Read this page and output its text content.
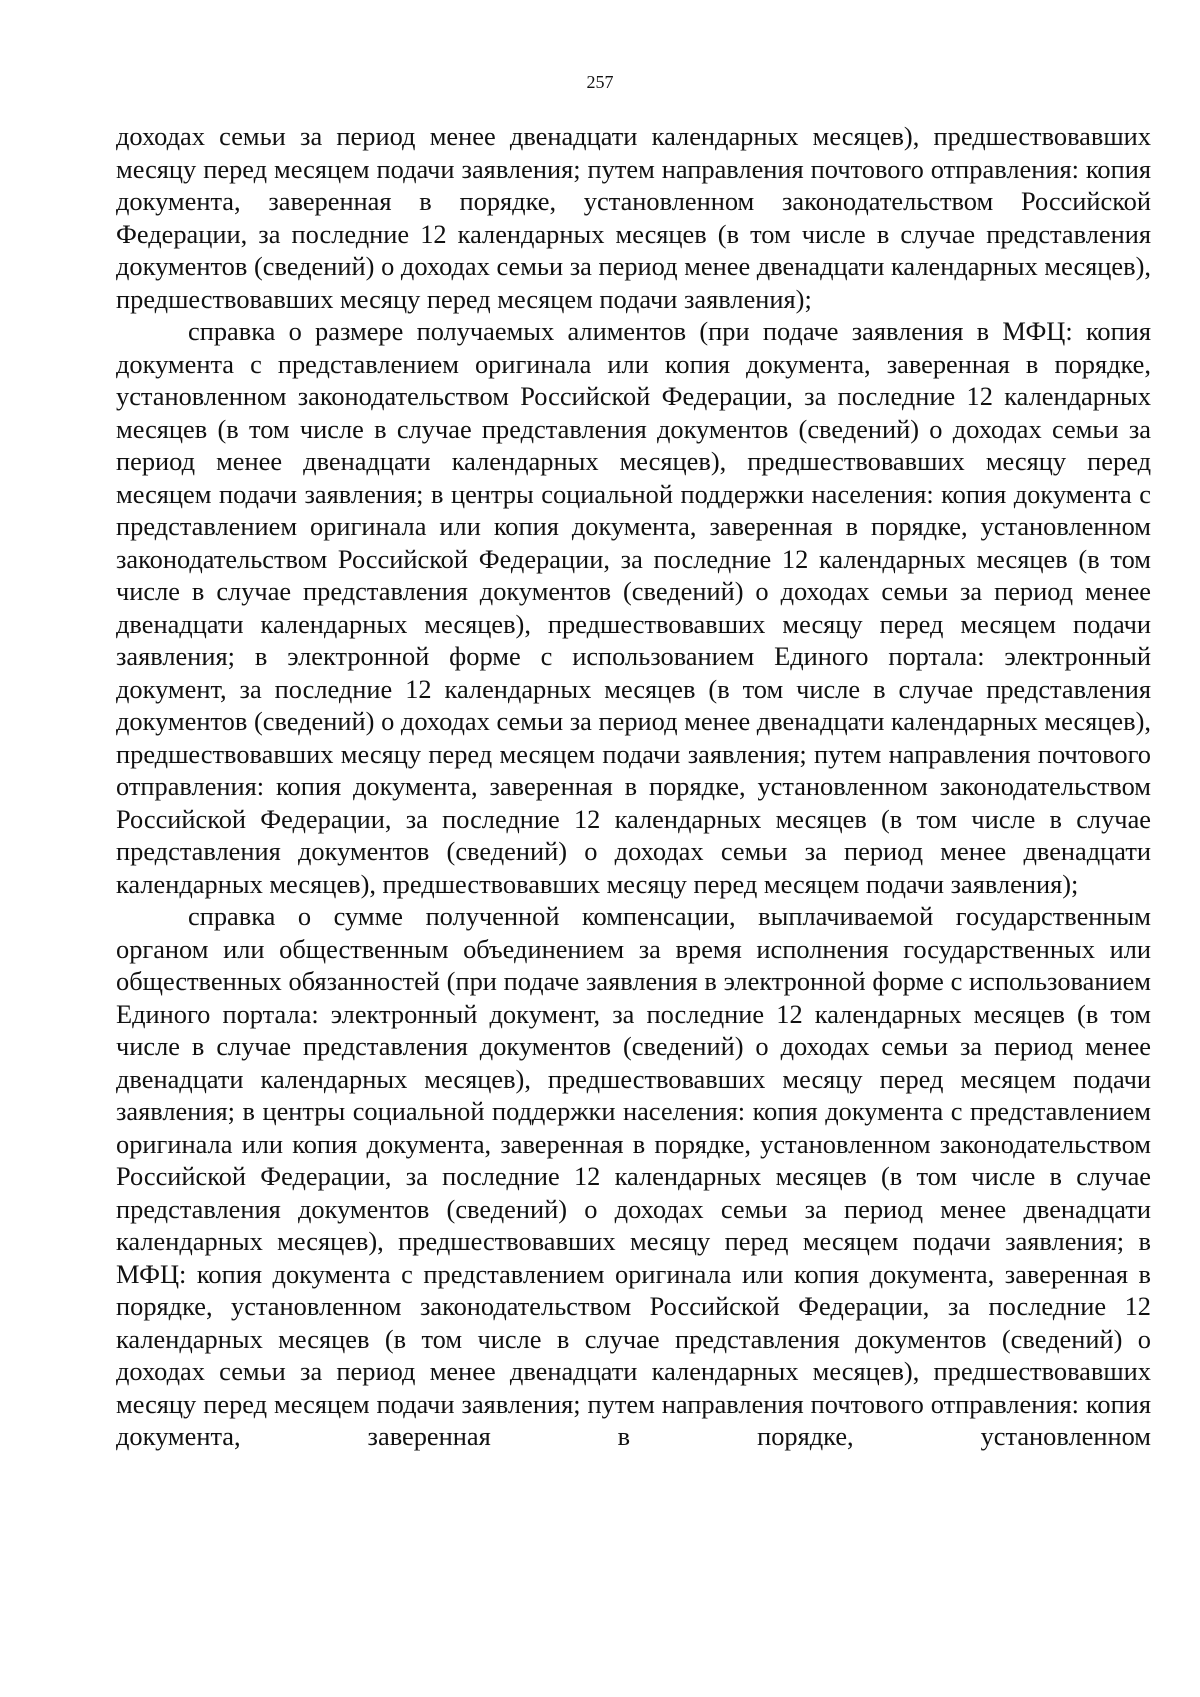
257

доходах семьи за период менее двенадцати календарных месяцев), предшествовавших месяцу перед месяцем подачи заявления; путем направления почтового отправления: копия документа, заверенная в порядке, установленном законодательством Российской Федерации, за последние 12 календарных месяцев (в том числе в случае представления документов (сведений) о доходах семьи за период менее двенадцати календарных месяцев), предшествовавших месяцу перед месяцем подачи заявления);

справка о размере получаемых алиментов (при подаче заявления в МФЦ: копия документа с представлением оригинала или копия документа, заверенная в порядке, установленном законодательством Российской Федерации, за последние 12 календарных месяцев (в том числе в случае представления документов (сведений) о доходах семьи за период менее двенадцати календарных месяцев), предшествовавших месяцу перед месяцем подачи заявления; в центры социальной поддержки населения: копия документа с представлением оригинала или копия документа, заверенная в порядке, установленном законодательством Российской Федерации, за последние 12 календарных месяцев (в том числе в случае представления документов (сведений) о доходах семьи за период менее двенадцати календарных месяцев), предшествовавших месяцу перед месяцем подачи заявления; в электронной форме с использованием Единого портала: электронный документ, за последние 12 календарных месяцев (в том числе в случае представления документов (сведений) о доходах семьи за период менее двенадцати календарных месяцев), предшествовавших месяцу перед месяцем подачи заявления; путем направления почтового отправления: копия документа, заверенная в порядке, установленном законодательством Российской Федерации, за последние 12 календарных месяцев (в том числе в случае представления документов (сведений) о доходах семьи за период менее двенадцати календарных месяцев), предшествовавших месяцу перед месяцем подачи заявления);

справка о сумме полученной компенсации, выплачиваемой государственным органом или общественным объединением за время исполнения государственных или общественных обязанностей (при подаче заявления в электронной форме с использованием Единого портала: электронный документ, за последние 12 календарных месяцев (в том числе в случае представления документов (сведений) о доходах семьи за период менее двенадцати календарных месяцев), предшествовавших месяцу перед месяцем подачи заявления; в центры социальной поддержки населения: копия документа с представлением оригинала или копия документа, заверенная в порядке, установленном законодательством Российской Федерации, за последние 12 календарных месяцев (в том числе в случае представления документов (сведений) о доходах семьи за период менее двенадцати календарных месяцев), предшествовавших месяцу перед месяцем подачи заявления; в МФЦ: копия документа с представлением оригинала или копия документа, заверенная в порядке, установленном законодательством Российской Федерации, за последние 12 календарных месяцев (в том числе в случае представления документов (сведений) о доходах семьи за период менее двенадцати календарных месяцев), предшествовавших месяцу перед месяцем подачи заявления; путем направления почтового отправления: копия документа, заверенная в порядке, установленном
